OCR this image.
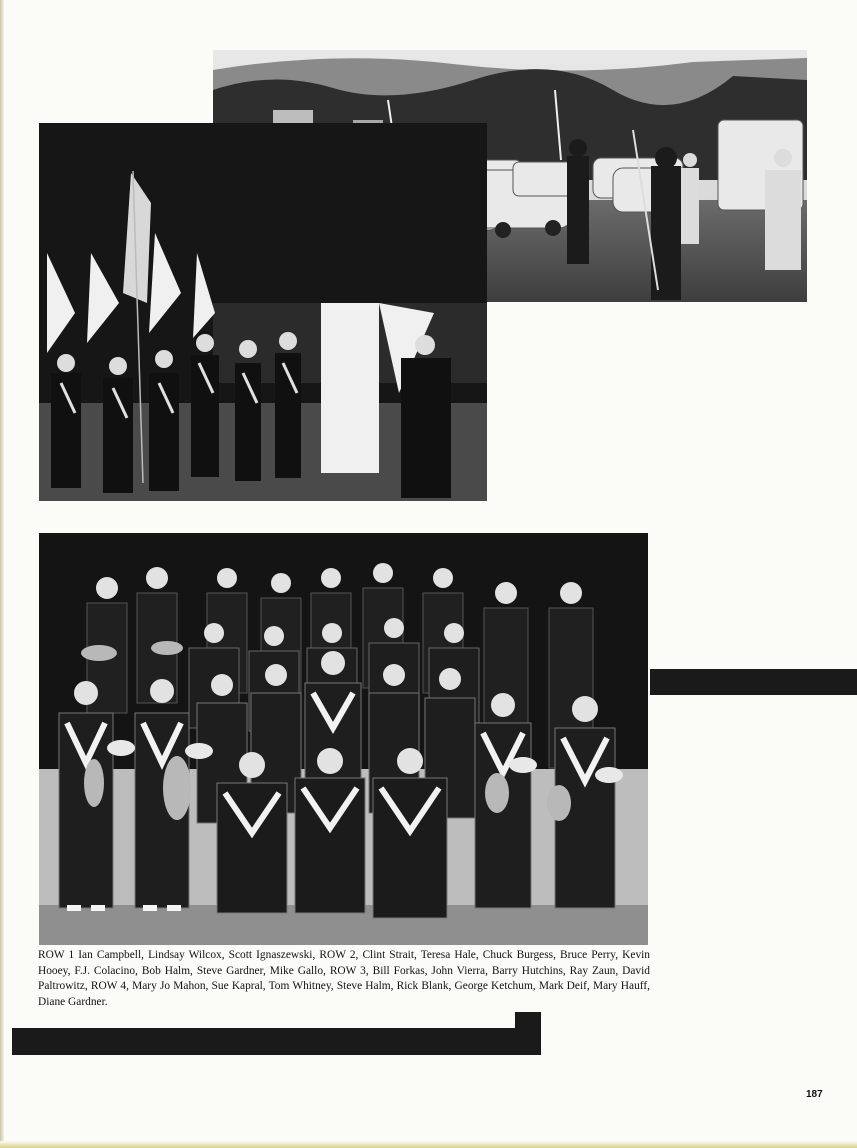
ROW 1 Ian Campbell, Lindsay Wilcox, Scott Ignaszewski, ROW 2, Clint Strait, Teresa Hale, Chuck Burgess, Bruce Perry, Kevin Hooey, F.J. Colacino, Bob Halm, Steve Gardner, Mike Gallo, ROW 3, Bill Forkas, John Vierra, Barry Hutchins, Ray Zaun, David Paltrowitz, ROW 4, Mary Jo Mahon, Sue Kapral, Tom Whitney, Steve Halm, Rick Blank, George Ketchum, Mark Deif, Mary Hauff, Diane Gardner.
187
